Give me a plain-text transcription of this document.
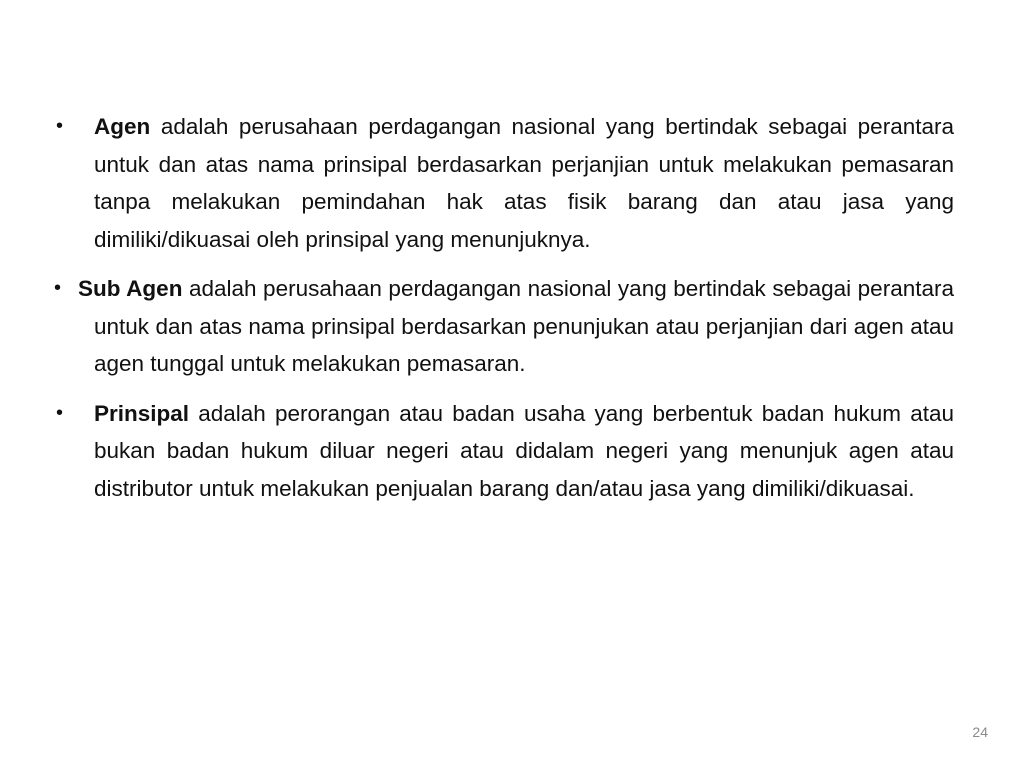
• Agen adalah perusahaan perdagangan nasional yang bertindak sebagai perantara untuk dan atas nama prinsipal berdasarkan perjanjian untuk melakukan pemasaran tanpa melakukan pemindahan hak atas fisik barang dan atau jasa yang dimiliki/dikuasai oleh prinsipal yang menunjuknya.
• Sub Agen adalah perusahaan perdagangan nasional yang bertindak sebagai perantara untuk dan atas nama prinsipal berdasarkan penunjukan atau perjanjian dari agen atau agen tunggal untuk melakukan pemasaran.
• Prinsipal adalah perorangan atau badan usaha yang berbentuk badan hukum atau bukan badan hukum diluar negeri atau didalam negeri yang menunjuk agen atau distributor untuk melakukan penjualan barang dan/atau jasa yang dimiliki/dikuasai.
24
